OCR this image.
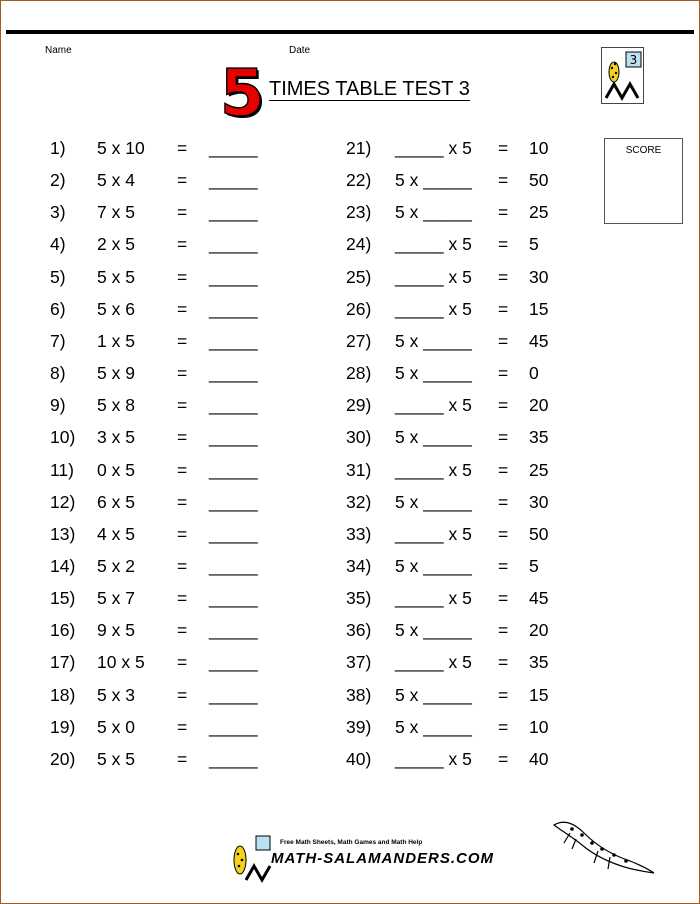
Name	Date
5 TIMES TABLE TEST 3
3
SCORE
1) 5 x 10 = _____
2) 5 x 4 = _____
3) 7 x 5 = _____
4) 2 x 5 = _____
5) 5 x 5 = _____
6) 5 x 6 = _____
7) 1 x 5 = _____
8) 5 x 9 = _____
9) 5 x 8 = _____
10) 3 x 5 = _____
11) 0 x 5 = _____
12) 6 x 5 = _____
13) 4 x 5 = _____
14) 5 x 2 = _____
15) 5 x 7 = _____
16) 9 x 5 = _____
17) 10 x 5 = _____
18) 5 x 3 = _____
19) 5 x 0 = _____
20) 5 x 5 = _____
21) _____ x 5 = 10
22) 5 x _____ = 50
23) 5 x _____ = 25
24) _____ x 5 = 5
25) _____ x 5 = 30
26) _____ x 5 = 15
27) 5 x _____ = 45
28) 5 x _____ = 0
29) _____ x 5 = 20
30) 5 x _____ = 35
31) _____ x 5 = 25
32) 5 x _____ = 30
33) _____ x 5 = 50
34) 5 x _____ = 5
35) _____ x 5 = 45
36) 5 x _____ = 20
37) _____ x 5 = 35
38) 5 x _____ = 15
39) 5 x _____ = 10
40) _____ x 5 = 40
Free Math Sheets, Math Games and Math Help
MATH-SALAMANDERS.COM
